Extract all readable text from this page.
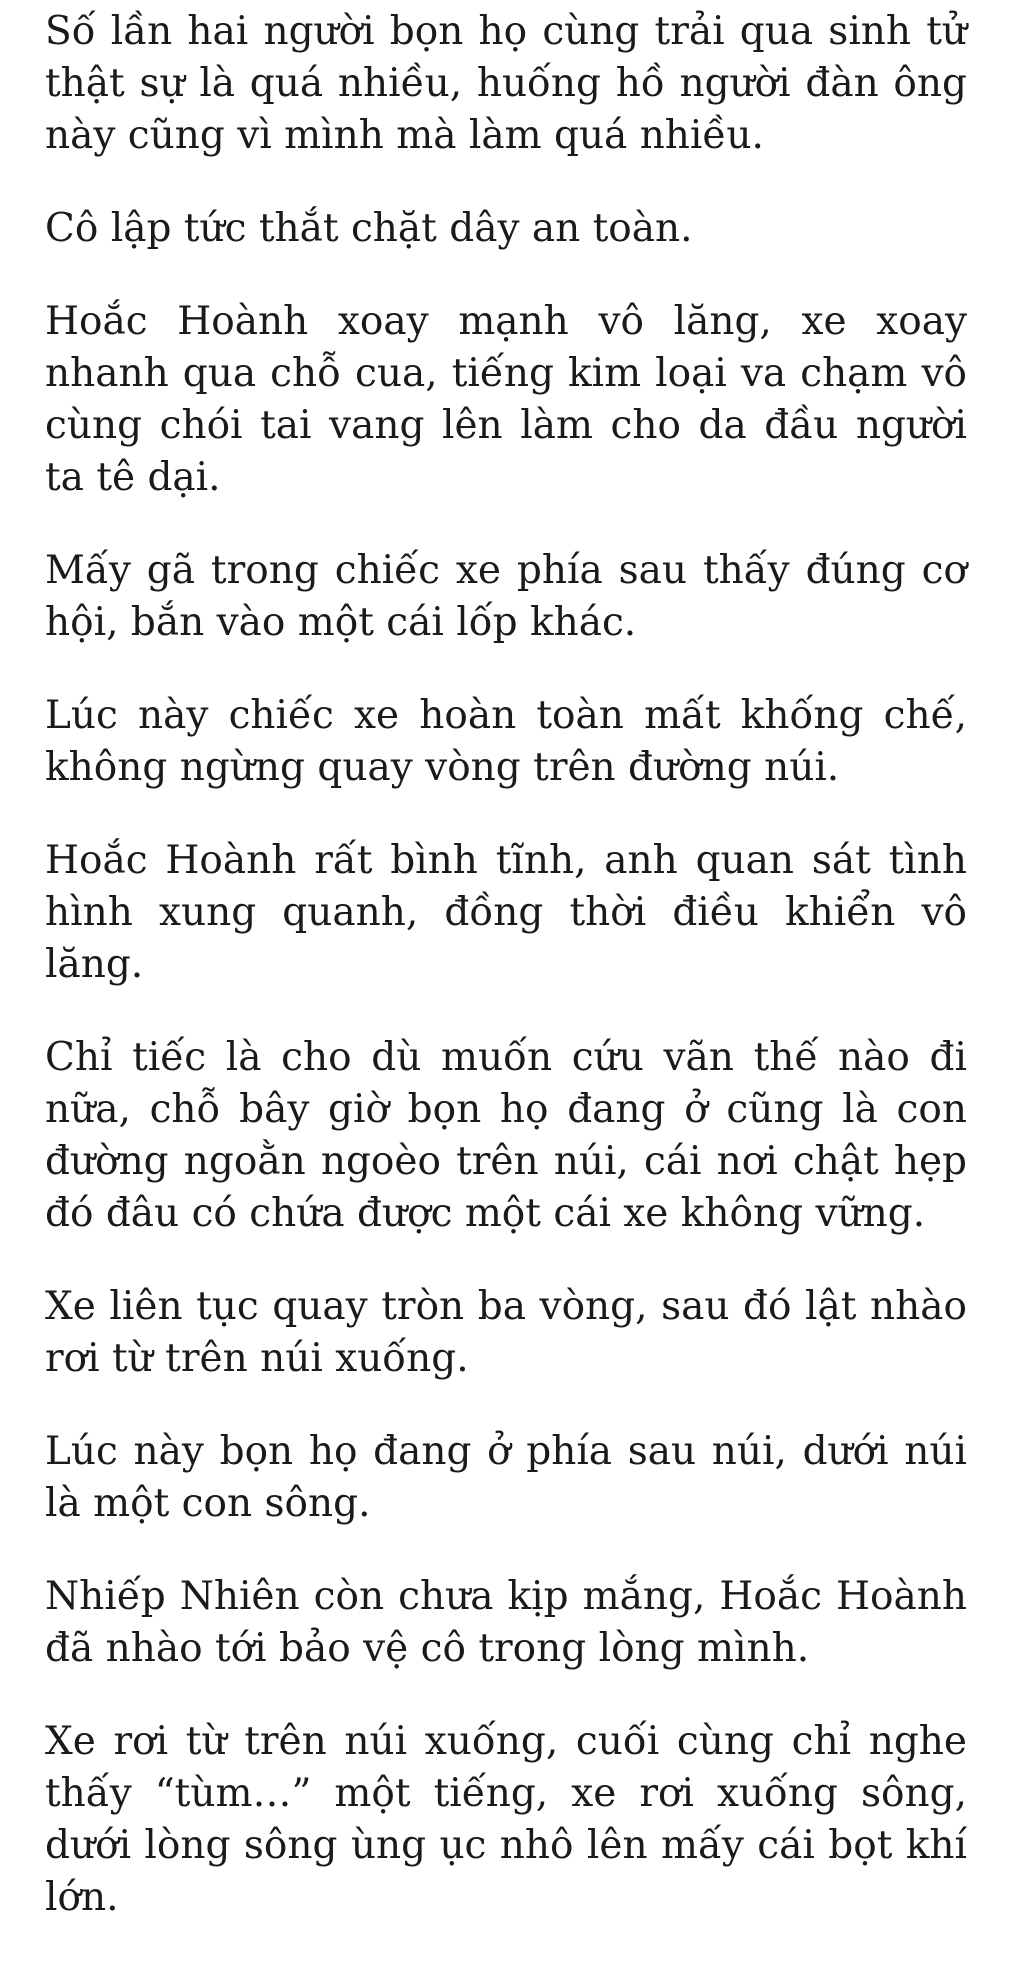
Số lần hai người bọn họ cùng trải qua sinh tử thật sự là quá nhiều, huống hồ người đàn ông này cũng vì mình mà làm quá nhiều.

Cô lập tức thắt chặt dây an toàn.

Hoắc Hoành xoay mạnh vô lăng, xe xoay nhanh qua chỗ cua, tiếng kim loại va chạm vô cùng chói tai vang lên làm cho da đầu người ta tê dại.

Mấy gã trong chiếc xe phía sau thấy đúng cơ hội, bắn vào một cái lốp khác.

Lúc này chiếc xe hoàn toàn mất khống chế, không ngừng quay vòng trên đường núi.

Hoắc Hoành rất bình tĩnh, anh quan sát tình hình xung quanh, đồng thời điều khiển vô lăng.

Chỉ tiếc là cho dù muốn cứu vãn thế nào đi nữa, chỗ bây giờ bọn họ đang ở cũng là con đường ngoằn ngoèo trên núi, cái nơi chật hẹp đó đâu có chứa được một cái xe không vững.

Xe liên tục quay tròn ba vòng, sau đó lật nhào rơi từ trên núi xuống.

Lúc này bọn họ đang ở phía sau núi, dưới núi là một con sông.

Nhiếp Nhiên còn chưa kịp mắng, Hoắc Hoành đã nhào tới bảo vệ cô trong lòng mình.

Xe rơi từ trên núi xuống, cuối cùng chỉ nghe thấy “tùm…” một tiếng, xe rơi xuống sông, dưới lòng sông ùng ục nhô lên mấy cái bọt khí lớn.
